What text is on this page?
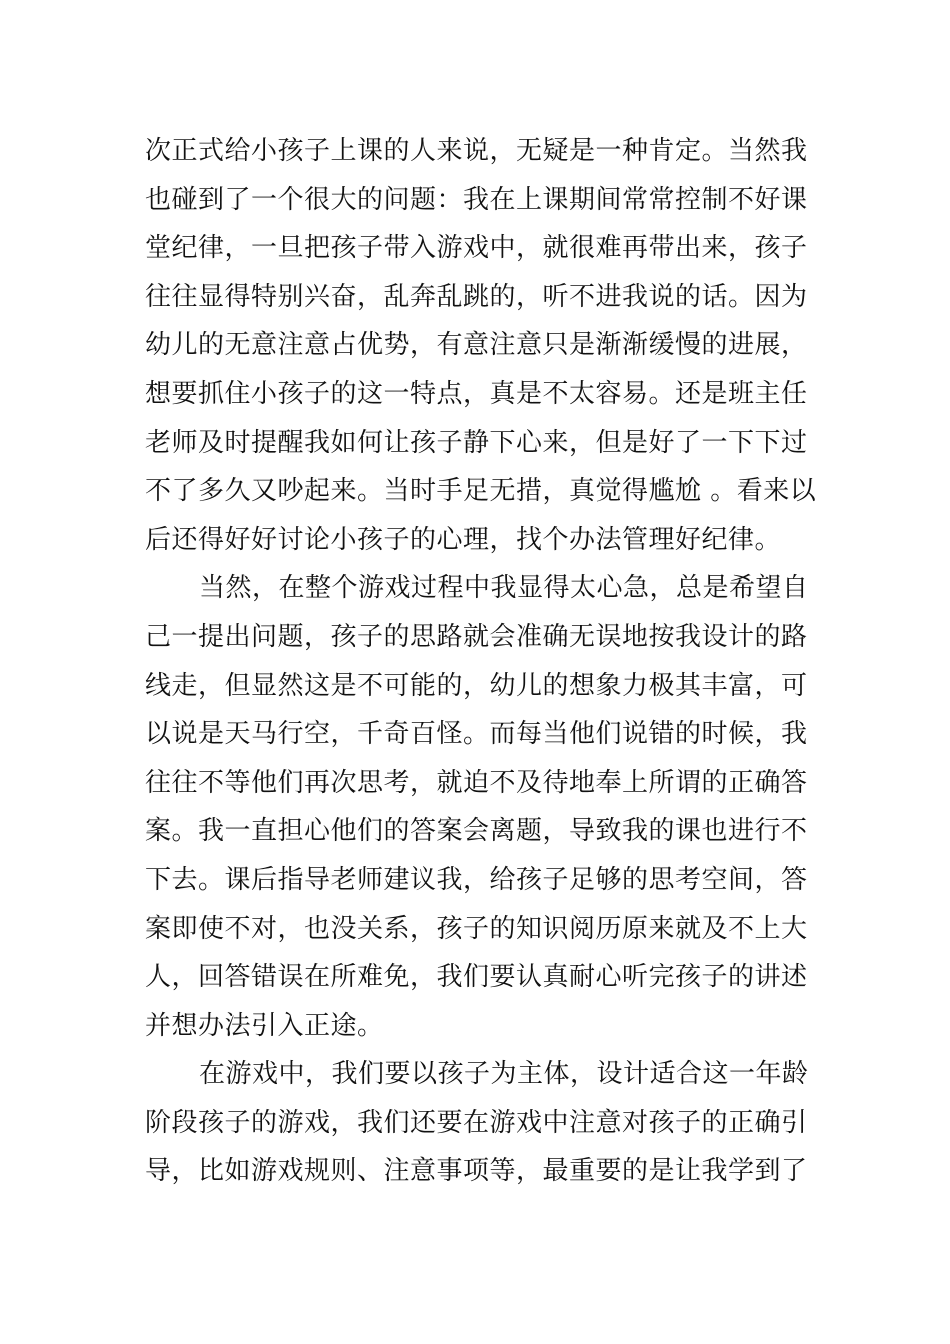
次正式给小孩子上课的人来说，无疑是一种肯定。当然我
也碰到了一个很大的问题：我在上课期间常常控制不好课
堂纪律，一旦把孩子带入游戏中，就很难再带出来，孩子
往往显得特别兴奋，乱奔乱跳的，听不进我说的话。因为
幼儿的无意注意占优势，有意注意只是渐渐缓慢的进展，
想要抓住小孩子的这一特点，真是不太容易。还是班主任
老师及时提醒我如何让孩子静下心来，但是好了一下下过
不了多久又吵起来。当时手足无措，真觉得尴尬 。看来以
后还得好好讨论小孩子的心理，找个办法管理好纪律。
当然，在整个游戏过程中我显得太心急，总是希望自
己一提出问题，孩子的思路就会准确无误地按我设计的路
线走，但显然这是不可能的，幼儿的想象力极其丰富，可
以说是天马行空，千奇百怪。而每当他们说错的时候，我
往往不等他们再次思考，就迫不及待地奉上所谓的正确答
案。我一直担心他们的答案会离题，导致我的课也进行不
下去。课后指导老师建议我，给孩子足够的思考空间，答
案即使不对，也没关系，孩子的知识阅历原来就及不上大
人，回答错误在所难免，我们要认真耐心听完孩子的讲述
并想办法引入正途。
在游戏中，我们要以孩子为主体，设计适合这一年龄
阶段孩子的游戏，我们还要在游戏中注意对孩子的正确引
导，比如游戏规则、注意事项等，最重要的是让我学到了
